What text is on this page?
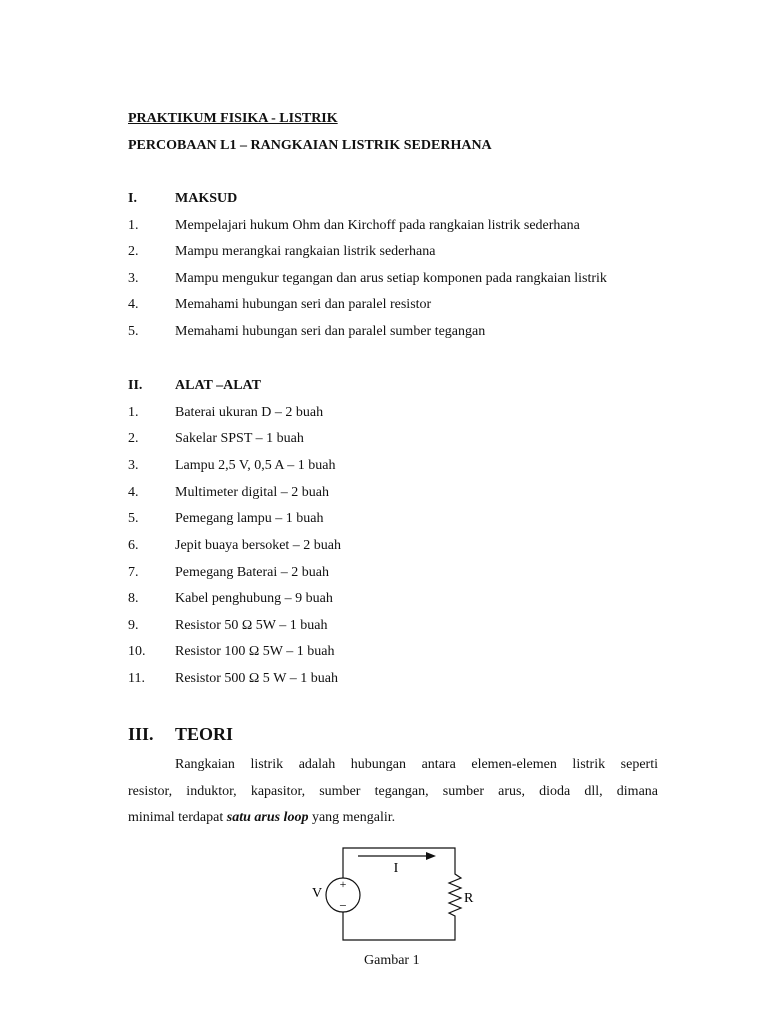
PRAKTIKUM FISIKA - LISTRIK
PERCOBAAN L1 – RANGKAIAN LISTRIK SEDERHANA
I.	MAKSUD
1.	Mempelajari hukum Ohm dan Kirchoff pada rangkaian listrik sederhana
2.	Mampu merangkai rangkaian listrik sederhana
3.	Mampu mengukur tegangan dan arus setiap komponen pada rangkaian listrik
4.	Memahami hubungan seri dan paralel resistor
5.	Memahami hubungan seri dan paralel sumber tegangan
II. ALAT –ALAT
1.	Baterai ukuran D – 2 buah
2.	Sakelar SPST – 1 buah
3.	Lampu 2,5 V, 0,5 A – 1 buah
4.	Multimeter digital – 2 buah
5.	Pemegang lampu – 1 buah
6.	Jepit buaya bersoket – 2 buah
7.	Pemegang Baterai – 2 buah
8.	Kabel penghubung – 9 buah
9.	Resistor 50 Ω 5W – 1 buah
10. Resistor 100 Ω 5W – 1 buah
11. Resistor 500 Ω 5 W – 1 buah
III. TEORI
Rangkaian listrik adalah hubungan antara elemen-elemen listrik seperti
resistor, induktor, kapasitor, sumber tegangan, sumber arus, dioda dll, dimana
minimal terdapat satu arus loop yang mengalir.
+
−
I
V	R
Gambar 1
